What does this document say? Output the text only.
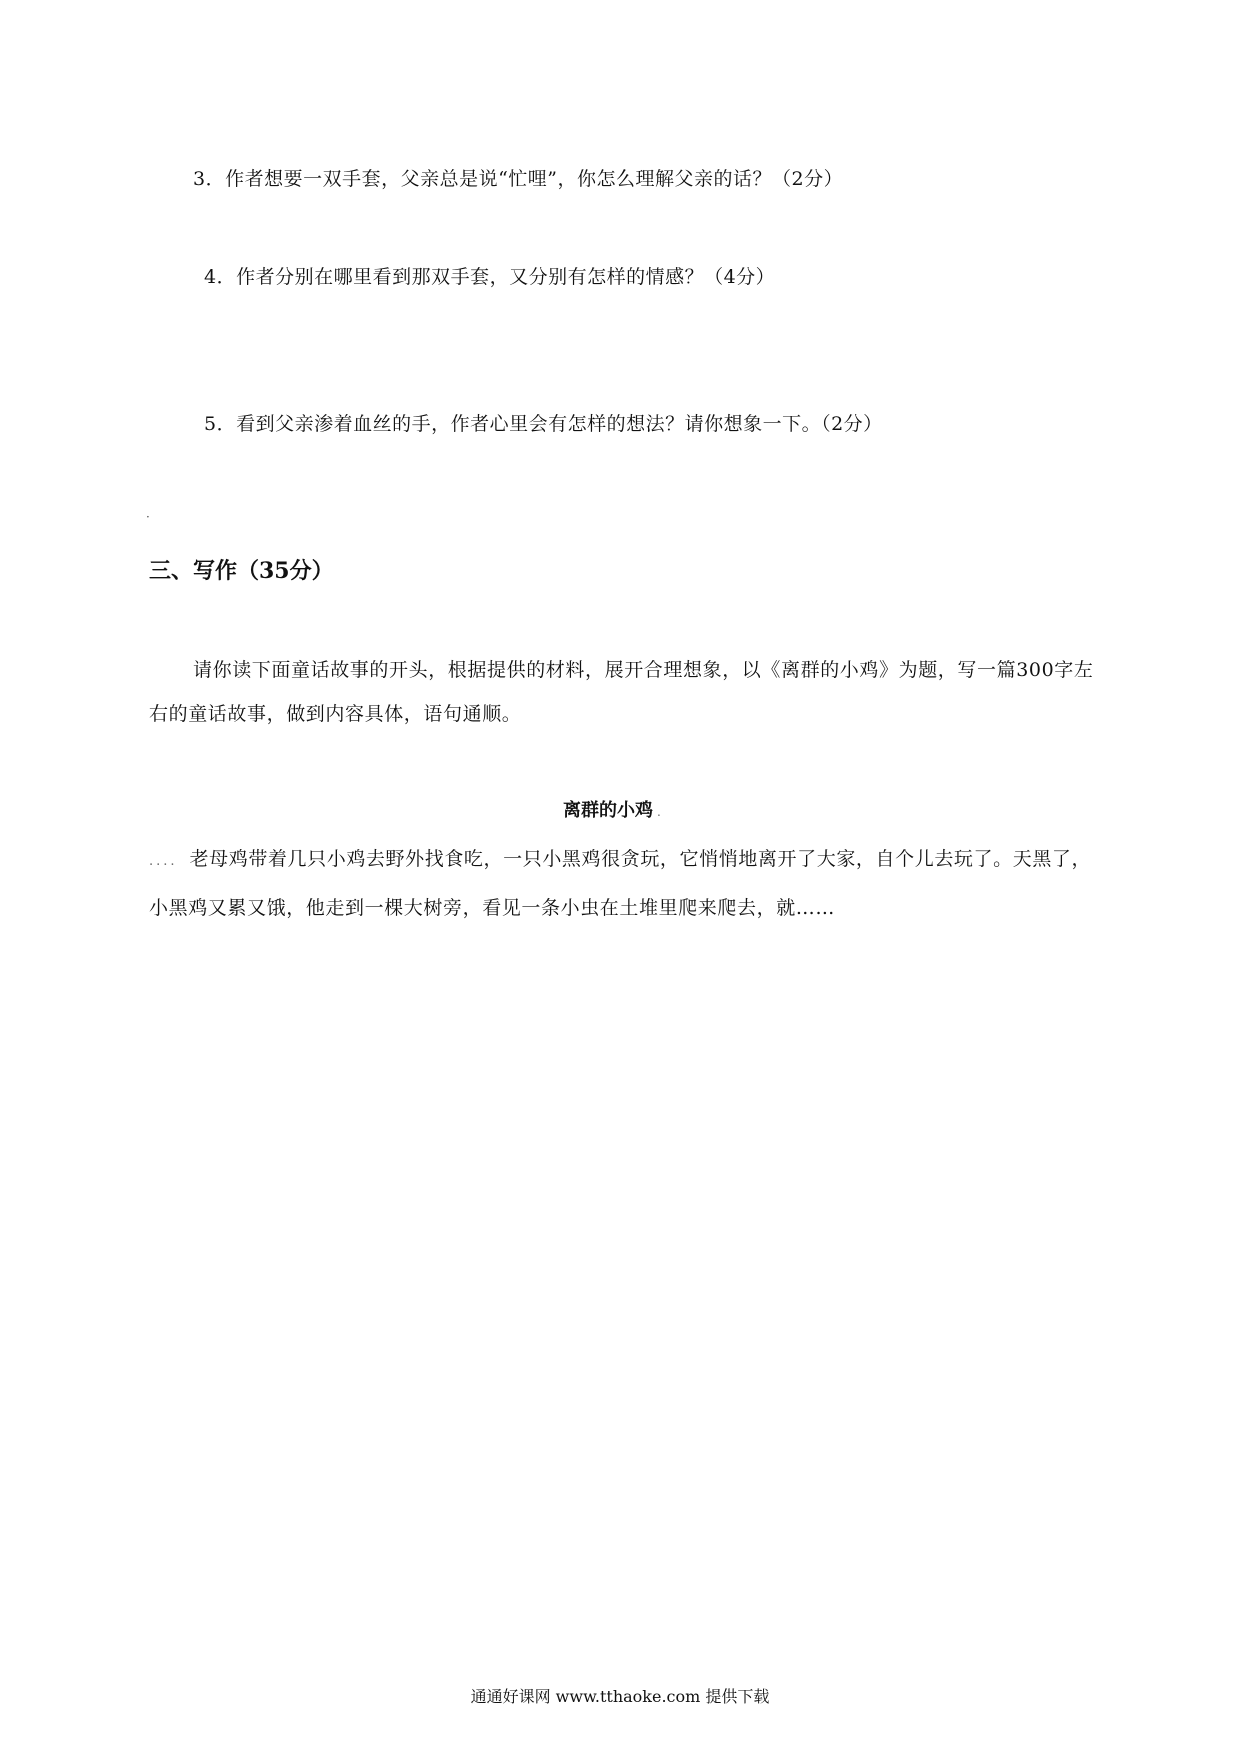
3．作者想要一双手套，父亲总是说“忙哩”，你怎么理解父亲的话？（2分）
4．作者分别在哪里看到那双手套，又分别有怎样的情感？（4分）
5．看到父亲渗着血丝的手，作者心里会有怎样的想法？请你想象一下。（2分）
·
三、写作（35分）
请你读下面童话故事的开头，根据提供的材料，展开合理想象，以《离群的小鸡》为题，写一篇300字左右的童话故事，做到内容具体，语句通顺。
离群的小鸡 .
.... 老母鸡带着几只小鸡去野外找食吃，一只小黑鸡很贪玩，它悄悄地离开了大家，自个儿去玩了。天黑了，小黑鸡又累又饿，他走到一棵大树旁，看见一条小虫在土堆里爬来爬去，就……
通通好课网 www.tthaoke.com 提供下载
